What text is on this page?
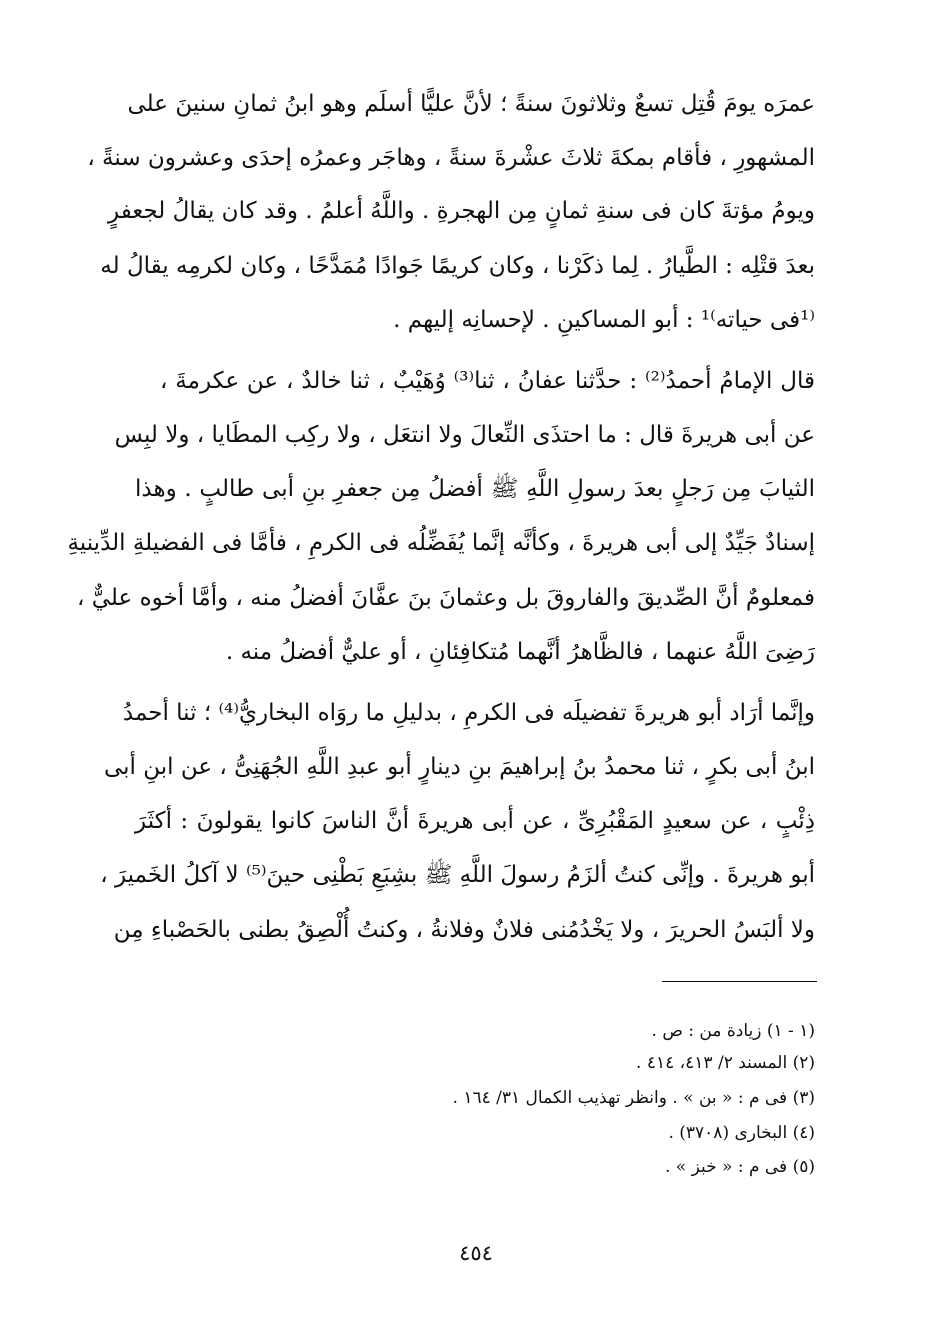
عمرَه يومَ قُتِل تسعٌ وثلاثونَ سنةً ؛ لأنَّ عليًّا أسلَم وهو ابنُ ثمانِ سنينَ على

المشهورِ ، فأقام بمكةَ ثلاثَ عشْرةَ سنةً ، وهاجَر وعمرُه إحدَى وعشرون سنةً ،

ويومُ مؤتةَ كان فى سنةِ ثمانٍ مِن الهجرةِ . واللَّهُ أعلمُ . وقد كان يقالُ لجعفرٍ

بعدَ قتْلِه : الطَّيارُ . لِما ذكَرْنا ، وكان كريمًا جَوادًا مُمَدَّحًا ، وكان لكرمِه يقالُ له

⁽¹فى حياته⁾¹ : أبو المساكينِ . لإحسانِه إليهم .

قال الإمامُ أحمدُ⁽²⁾ : حدَّثنا عفانُ ، ثنا⁽³⁾ وُهَيْبٌ ، ثنا خالدٌ ، عن عكرمةَ ،

عن أبى هريرةَ قال : ما احتذَى النِّعالَ ولا انتعَل ، ولا ركِب المطَايا ، ولا لبِس

الثيابَ مِن رَجلٍ بعدَ رسولِ اللَّهِ ﷺ أفضلُ مِن جعفرِ بنِ أبى طالبٍ . وهذا

إسنادٌ جَيِّدٌ إلى أبى هريرةَ ، وكأنَّه إنَّما يُفَضِّلُه فى الكرمِ ، فأمَّا فى الفضيلةِ الدِّينيةِ

فمعلومٌ أنَّ الصِّديقَ والفاروقَ بل وعثمانَ بنَ عفَّانَ أفضلُ منه ، وأمَّا أخوه عليٌّ ،

رَضِىَ اللَّهُ عنهما ، فالظَّاهرُ أنَّهما مُتكافِئانِ ، أو عليٌّ أفضلُ منه .

وإنَّما أرَاد أبو هريرةَ تفضيلَه فى الكرمِ ، بدليلِ ما روَاه البخاريُّ⁽⁴⁾ ؛ ثنا أحمدُ

ابنُ أبى بكرٍ ، ثنا محمدُ بنُ إبراهيمَ بنِ دينارٍ أبو عبدِ اللَّهِ الجُهَنِىُّ ، عن ابنِ أبى

ذِئْبٍ ، عن سعيدٍ المَقْبُرِىِّ ، عن أبى هريرةَ أنَّ الناسَ كانوا يقولونَ : أكثَرَ

أبو هريرةَ . وإنِّى كنتُ ألزَمُ رسولَ اللَّهِ ﷺ بشِبَعِ بَطْنِى حينَ⁽⁵⁾ لا آكلُ الخَميرَ ،

ولا ألبَسُ الحريرَ ، ولا يَخْدُمُنى فلانٌ وفلانةُ ، وكنتُ أُلْصِقُ بطنى بالحَصْباءِ مِن

(١ - ١) زيادة من : ص .

(٢) المسند ٢/ ٤١٣، ٤١٤ .

(٣) فى م : « بن » . وانظر تهذيب الكمال ٣١/ ١٦٤ .

(٤) البخارى (٣٧٠٨) .

(٥) فى م : « خبز » .

٤٥٤
